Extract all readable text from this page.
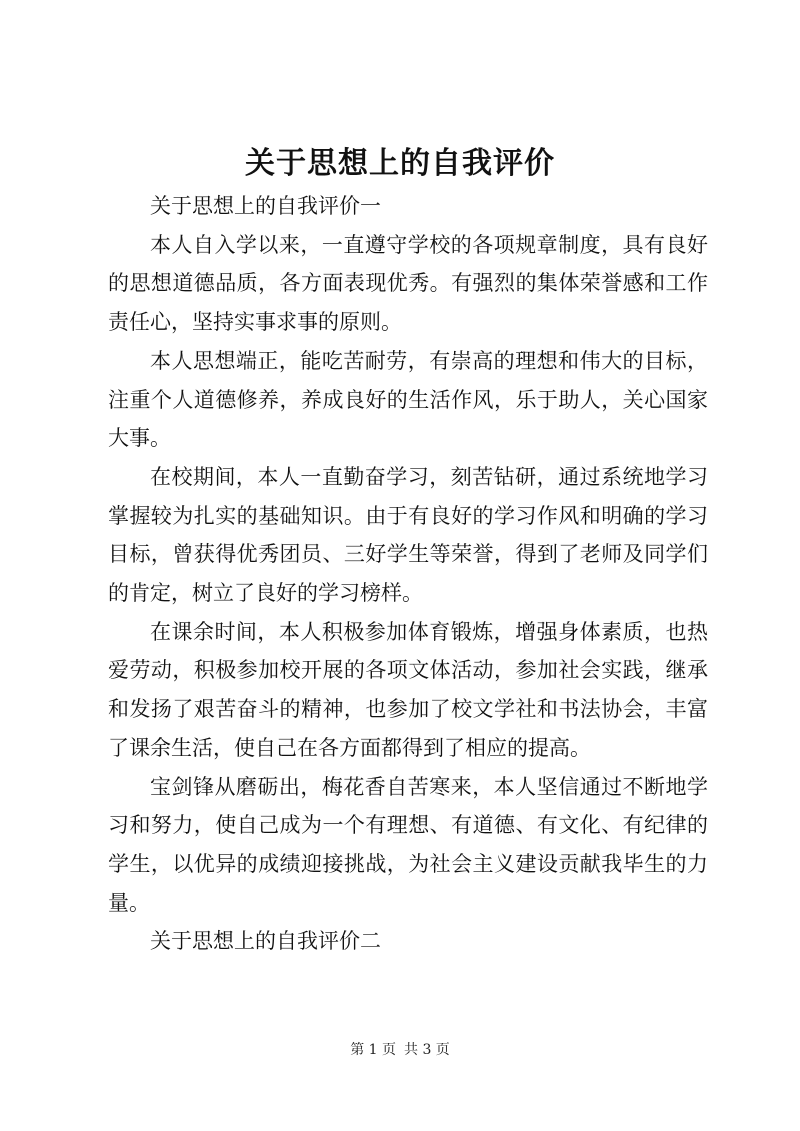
关于思想上的自我评价

关于思想上的自我评价一

本人自入学以来，一直遵守学校的各项规章制度，具有良好的思想道德品质，各方面表现优秀。有强烈的集体荣誉感和工作责任心，坚持实事求事的原则。

本人思想端正，能吃苦耐劳，有崇高的理想和伟大的目标，注重个人道德修养，养成良好的生活作风，乐于助人，关心国家大事。

在校期间，本人一直勤奋学习，刻苦钻研，通过系统地学习掌握较为扎实的基础知识。由于有良好的学习作风和明确的学习目标，曾获得优秀团员、三好学生等荣誉，得到了老师及同学们的肯定，树立了良好的学习榜样。

在课余时间，本人积极参加体育锻炼，增强身体素质，也热爱劳动，积极参加校开展的各项文体活动，参加社会实践，继承和发扬了艰苦奋斗的精神，也参加了校文学社和书法协会，丰富了课余生活，使自己在各方面都得到了相应的提高。

宝剑锋从磨砺出，梅花香自苦寒来，本人坚信通过不断地学习和努力，使自己成为一个有理想、有道德、有文化、有纪律的学生，以优异的成绩迎接挑战，为社会主义建设贡献我毕生的力量。

关于思想上的自我评价二

第 1 页 共 3 页
